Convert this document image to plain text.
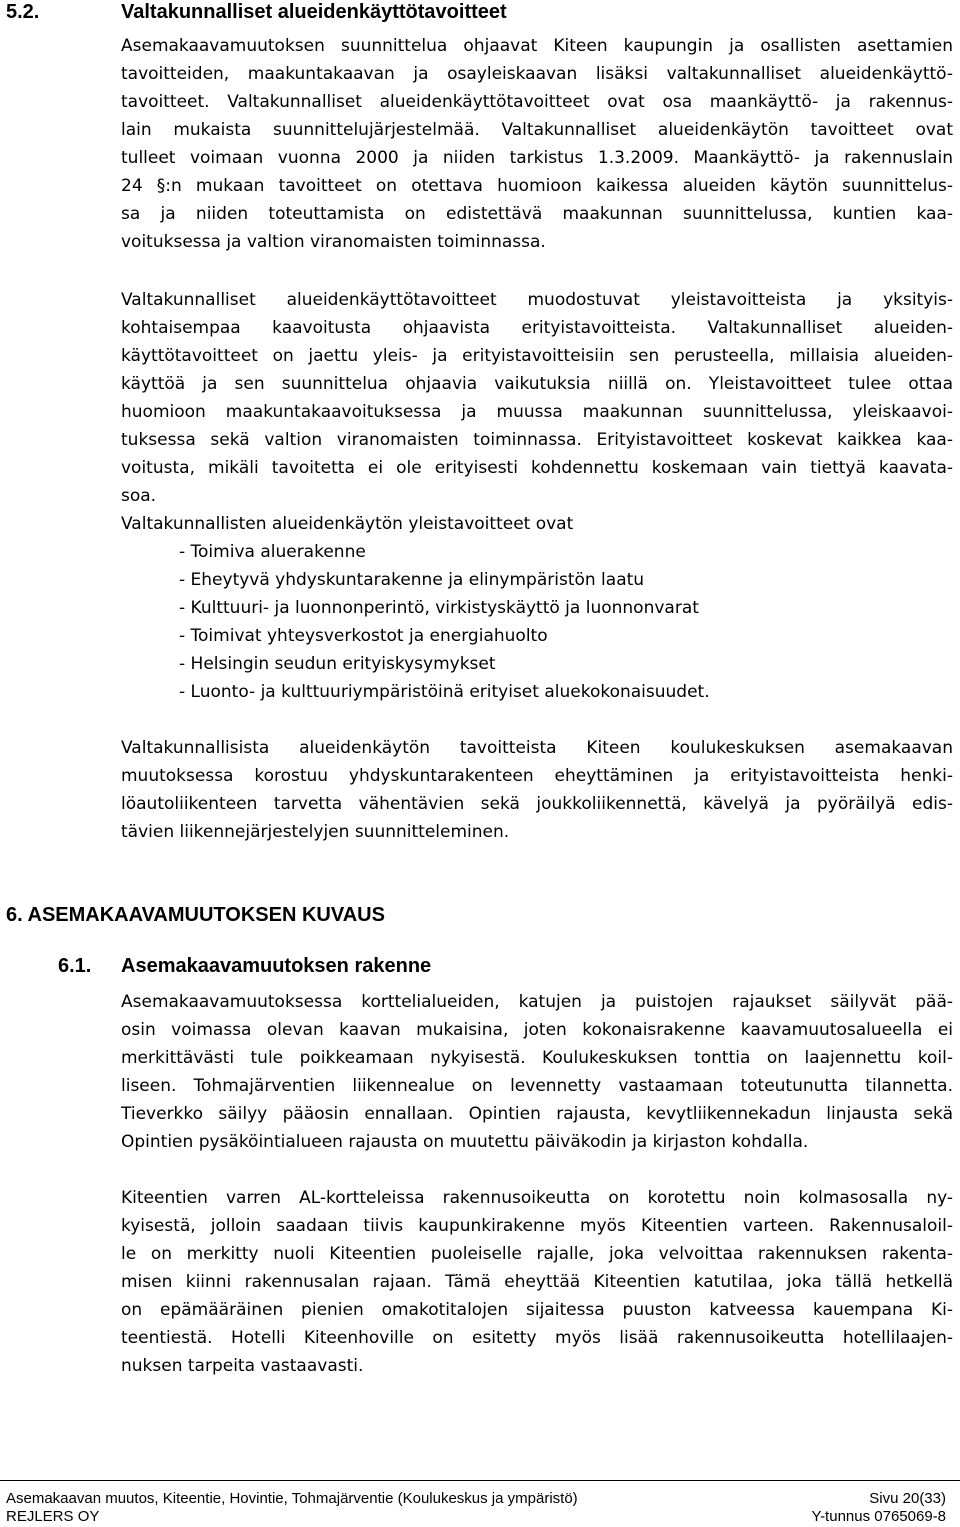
5.2.	Valtakunnalliset alueidenkäyttötavoitteet
Asemakaavamuutoksen suunnittelua ohjaavat Kiteen kaupungin ja osallisten asettamien
tavoitteiden, maakuntakaavan ja osayleiskaavan lisäksi valtakunnalliset alueidenkäyttö-
tavoitteet. Valtakunnalliset alueidenkäyttötavoitteet ovat osa maankäyttö- ja rakennus-
lain mukaista suunnittelujärjestelmää. Valtakunnalliset alueidenkäytön tavoitteet ovat
tulleet voimaan vuonna 2000 ja niiden tarkistus 1.3.2009. Maankäyttö- ja rakennuslain
24 §:n mukaan tavoitteet on otettava huomioon kaikessa alueiden käytön suunnittelus-
sa ja niiden toteuttamista on edistettävä maakunnan suunnittelussa, kuntien kaa-
voituksessa ja valtion viranomaisten toiminnassa.
Valtakunnalliset alueidenkäyttötavoitteet muodostuvat yleistavoitteista ja yksityis-
kohtaisempaa kaavoitusta ohjaavista erityistavoitteista. Valtakunnalliset alueiden-
käyttötavoitteet on jaettu yleis- ja erityistavoitteisiin sen perusteella, millaisia alueiden-
käyttöä ja sen suunnittelua ohjaavia vaikutuksia niillä on. Yleistavoitteet tulee ottaa
huomioon maakuntakaavoituksessa ja muussa maakunnan suunnittelussa, yleiskaavoi-
tuksessa sekä valtion viranomaisten toiminnassa. Erityistavoitteet koskevat kaikkea kaa-
voitusta, mikäli tavoitetta ei ole erityisesti kohdennettu koskemaan vain tiettyä kaavata-
soa.
Valtakunnallisten alueidenkäytön yleistavoitteet ovat
- Toimiva aluerakenne
- Eheytyvä yhdyskuntarakenne ja elinympäristön laatu
- Kulttuuri- ja luonnonperintö, virkistyskäyttö ja luonnonvarat
- Toimivat yhteysverkostot ja energiahuolto
- Helsingin seudun erityiskysymykset
- Luonto- ja kulttuuriympäristöinä erityiset aluekokonaisuudet.
Valtakunnallisista alueidenkäytön tavoitteista Kiteen koulukeskuksen asemakaavan
muutoksessa korostuu yhdyskuntarakenteen eheyttäminen ja erityistavoitteista henki-
löautoliikenteen tarvetta vähentävien sekä joukkoliikennettä, kävelyä ja pyöräilyä edis-
tävien liikennejärjestelyjen suunnitteleminen.
6. ASEMAKAAVAMUUTOKSEN KUVAUS
6.1. Asemakaavamuutoksen rakenne
Asemakaavamuutoksessa korttelialueiden, katujen ja puistojen rajaukset säilyvät pää-
osin voimassa olevan kaavan mukaisina, joten kokonaisrakenne kaavamuutosalueella ei
merkittävästi tule poikkeamaan nykyisestä. Koulukeskuksen tonttia on laajennettu koil-
liseen. Tohmajärventien liikennealue on levennetty vastaamaan toteutunutta tilannetta.
Tieverkko säilyy pääosin ennallaan. Opintien rajausta, kevytliikennekadun linjausta sekä
Opintien pysäköintialueen rajausta on muutettu päiväkodin ja kirjaston kohdalla.
Kiteentien varren AL-kortteleissa rakennusoikeutta on korotettu noin kolmasosalla ny-
kyisestä, jolloin saadaan tiivis kaupunkirakenne myös Kiteentien varteen. Rakennusaloil-
le on merkitty nuoli Kiteentien puoleiselle rajalle, joka velvoittaa rakennuksen rakenta-
misen kiinni rakennusalan rajaan. Tämä eheyttää Kiteentien katutilaa, joka tällä hetkellä
on epämääräinen pienien omakotitalojen sijaitessa puuston katveessa kauempana Ki-
teentiestä. Hotelli Kiteenhoville on esitetty myös lisää rakennusoikeutta hotellilaajen-
nuksen tarpeita vastaavasti.
Asemakaavan muutos, Kiteentie, Hovintie, Tohmajärventie (Koulukeskus ja ympäristö)	Sivu 20(33)
REJLERS OY	Y-tunnus 0765069-8
